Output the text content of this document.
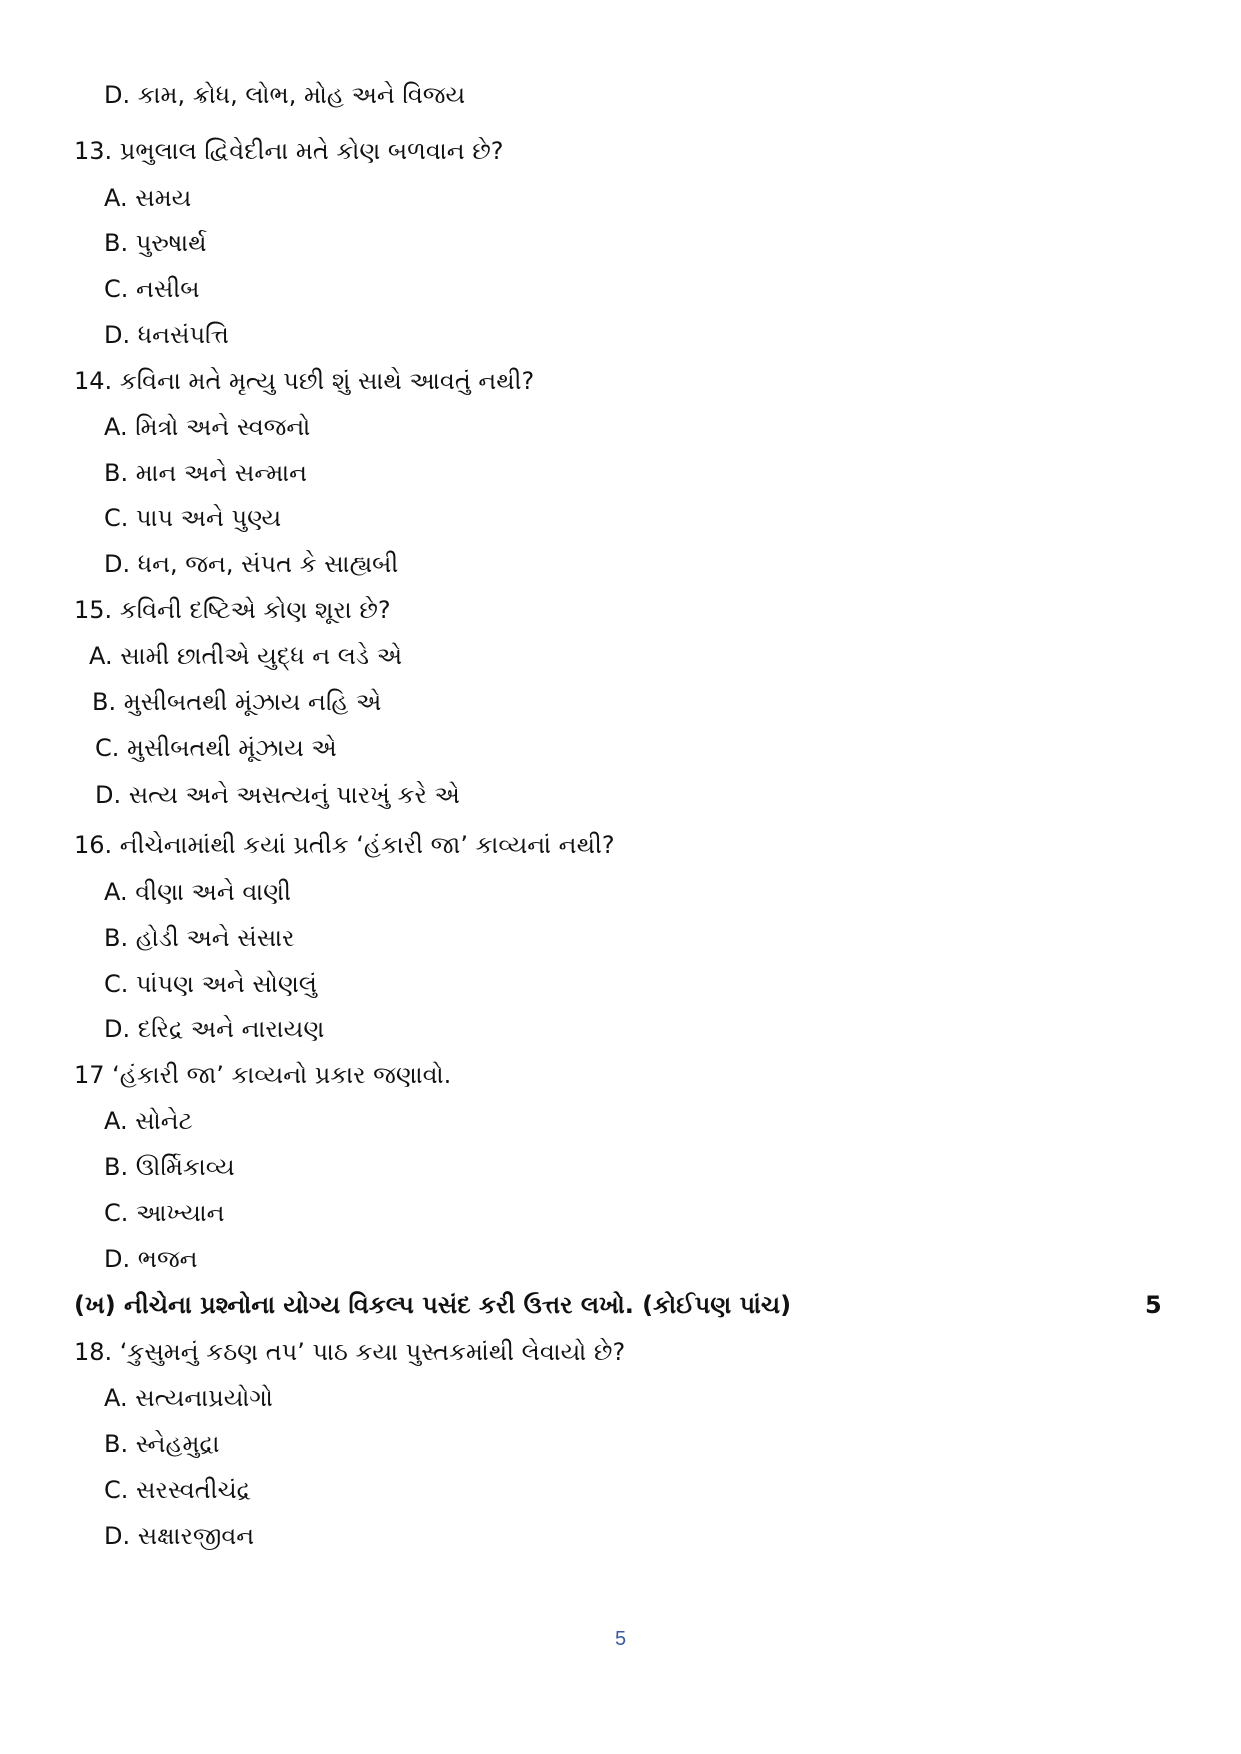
D. કામ, ક્રોધ, લોભ, મોહ અને વિજય
13. પ્રભુલાલ દ્વિવેદીના મતે કોણ બળવાન છે?
A. સમય
B. પુરુષાર્થ
C. નસીબ
D. ધનસંપત્તિ
14. કવિના મતે મૃત્યુ પછી શું સાથે આવતું નથી?
A. મિત્રો અને સ્વજનો
B. માન અને સન્માન
C. પાપ અને પુણ્ય
D. ધન, જન, સંપત કે સાહ્યબી
15. કવિની દષ્ટિએ કોણ શૂરા છે?
A. સામી છાતીએ યુદ્ધ ન લડે એ
B. મુસીબતથી મૂંઝાય નહિ એ
C. મુસીબતથી મૂંઝાય એ
D. સત્ય અને અસત્યનું પારખું કરે એ
16. નીચેનામાંથી કયાં પ્રતીક ‘હંકારી જા’ કાવ્યનાં નથી?
A. વીણા અને વાણી
B. હોડી અને સંસાર
C. પાંપણ અને સોણલું
D. દરિદ્ર અને નારાયણ
17 ‘હંકારી જા’ કાવ્યનો પ્રકાર જણાવો.
A. સોનેટ
B. ઊર્મિકાવ્ય
C. આખ્યાન
D. ભજન
(ખ) નીચેના પ્રશ્નોના યોગ્ય વિકલ્પ પસંદ કરી ઉત્તર લખો. (કોઈપણ પાંચ)	5
18. ‘કુસુમનું કઠણ તપ’ પાઠ કયા પુસ્તકમાંથી લેવાયો છે?
A. સત્યનાપ્રયોગો
B. સ્નેહમુદ્રા
C. સરસ્વતીચંદ્ર
D. સક્ષારજીવન
5
